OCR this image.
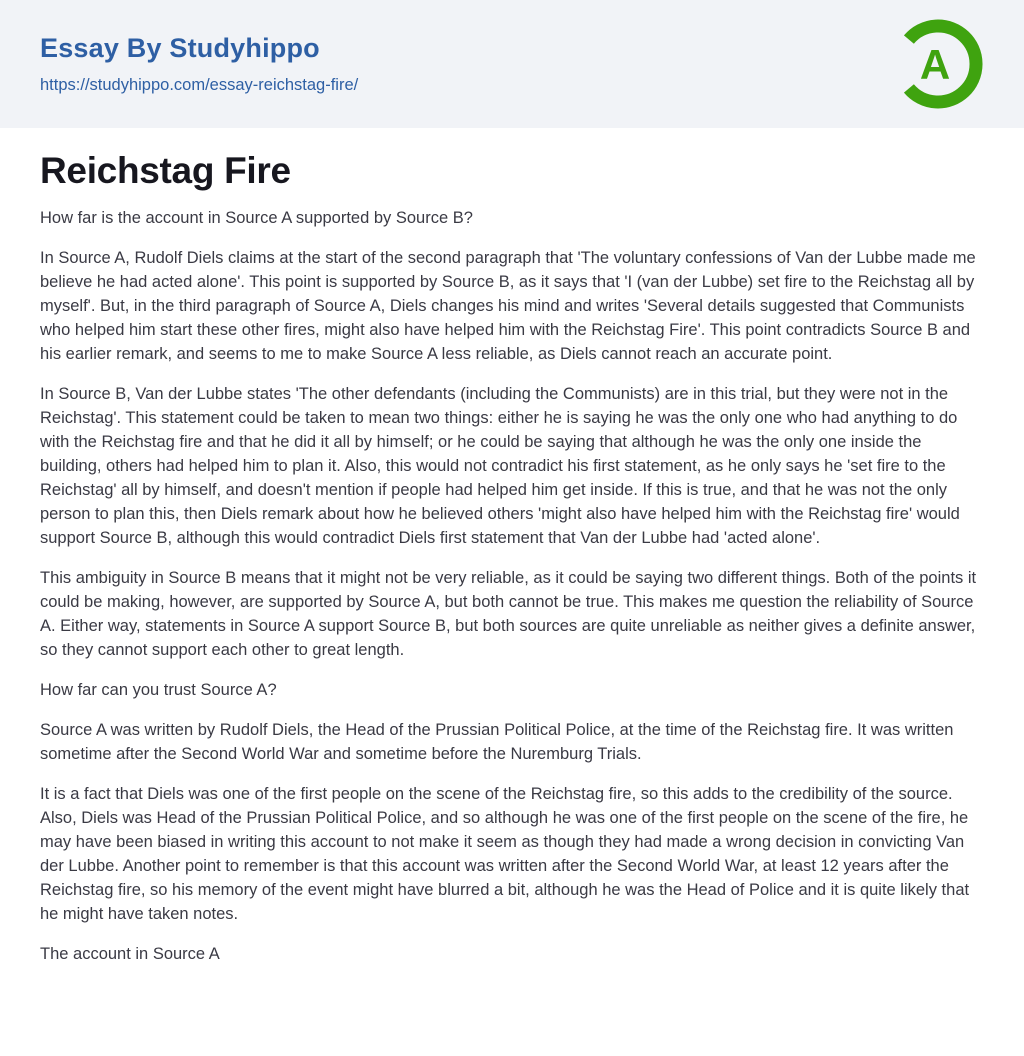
Essay By Studyhippo
https://studyhippo.com/essay-reichstag-fire/	A
Reichstag Fire

How far is the account in Source A supported by Source B?

In Source A, Rudolf Diels claims at the start of the second paragraph that 'The voluntary confessions of Van der Lubbe made me believe he had acted alone'. This point is supported by Source B, as it says that 'I (van der Lubbe) set fire to the Reichstag all by myself'. But, in the third paragraph of Source A, Diels changes his mind and writes 'Several details suggested that Communists who helped him start these other fires, might also have helped him with the Reichstag Fire'. This point contradicts Source B and his earlier remark, and seems to me to make Source A less reliable, as Diels cannot reach an accurate point.

In Source B, Van der Lubbe states 'The other defendants (including the Communists) are in this trial, but they were not in the Reichstag'. This statement could be taken to mean two things: either he is saying he was the only one who had anything to do with the Reichstag fire and that he did it all by himself; or he could be saying that although he was the only one inside the building, others had helped him to plan it. Also, this would not contradict his first statement, as he only says he 'set fire to the Reichstag' all by himself, and doesn't mention if people had helped him get inside. If this is true, and that he was not the only person to plan this, then Diels remark about how he believed others 'might also have helped him with the Reichstag fire' would support Source B, although this would contradict Diels first statement that Van der Lubbe had 'acted alone'.

This ambiguity in Source B means that it might not be very reliable, as it could be saying two different things. Both of the points it could be making, however, are supported by Source A, but both cannot be true. This makes me question the reliability of Source A. Either way, statements in Source A support Source B, but both sources are quite unreliable as neither gives a definite answer, so they cannot support each other to great length.

How far can you trust Source A?

Source A was written by Rudolf Diels, the Head of the Prussian Political Police, at the time of the Reichstag fire. It was written sometime after the Second World War and sometime before the Nuremburg Trials.

It is a fact that Diels was one of the first people on the scene of the Reichstag fire, so this adds to the credibility of the source. Also, Diels was Head of the Prussian Political Police, and so although he was one of the first people on the scene of the fire, he may have been biased in writing this account to not make it seem as though they had made a wrong decision in convicting Van der Lubbe. Another point to remember is that this account was written after the Second World War, at least 12 years after the Reichstag fire, so his memory of the event might have blurred a bit, although he was the Head of Police and it is quite likely that he might have taken notes.

The account in Source A
